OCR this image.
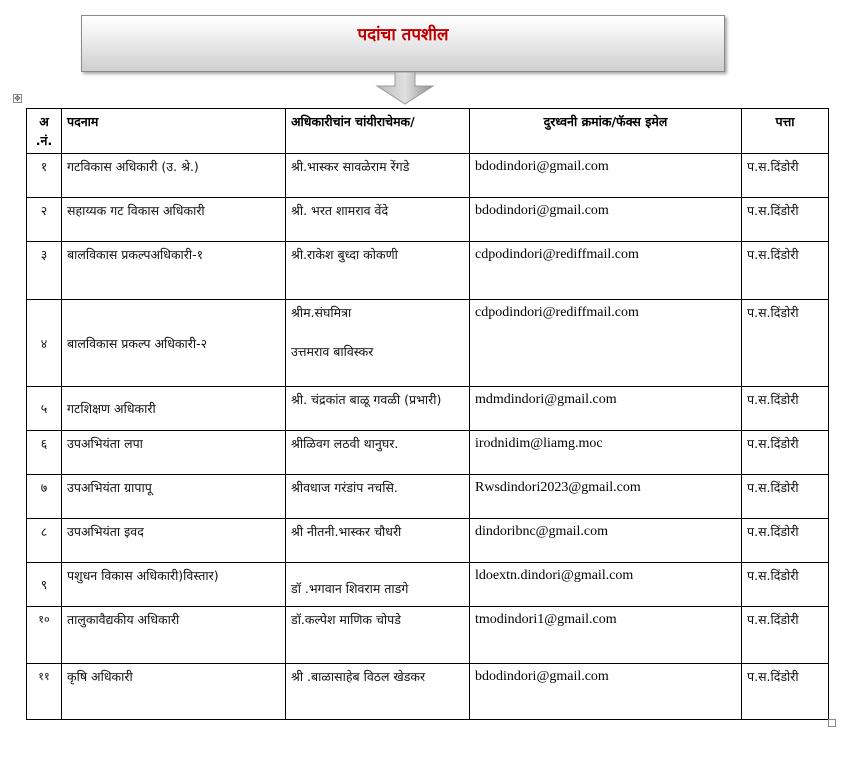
पदांचा तपशील
✥
अ .नं.	पदनाम	अधिकारीचांन चांयीराचेमक/	दुरध्वनी क्रमांक/फॅक्स इमेल	पत्ता
१	गटविकास अधिकारी (उ. श्रे.)	श्री.भास्कर सावळेराम रेंगडे	bdodindori@gmail.com	प.स.दिंडोरी
२	सहाय्यक गट विकास अधिकारी	श्री. भरत शामराव वेंदे	bdodindori@gmail.com	प.स.दिंडोरी
३	बालविकास प्रकल्पअधिकारी-१	श्री.राकेश बुध्दा कोकणी	cdpodindori@rediffmail.com	प.स.दिंडोरी
४	बालविकास प्रकल्प अधिकारी-२	श्रीम.संघमित्रा
उत्तमराव बाविस्कर	cdpodindori@rediffmail.com	प.स.दिंडोरी
५	गटशिक्षण अधिकारी	श्री. चंद्रकांत बाळू गवळी (प्रभारी)	mdmdindori@gmail.com	प.स.दिंडोरी
६	उपअभियंता लपा	श्रीळिवग लठवी थानुघर.	irodnidim@liamg.moc	प.स.दिंडोरी
७	उपअभियंता ग्रापापू	श्रीवधाज गरंडांप नचसि.	Rwsdindori2023@gmail.com	प.स.दिंडोरी
८	उपअभियंता इवद	श्री नीतनी.भास्कर चौधरी	dindoribnc@gmail.com	प.स.दिंडोरी
९	पशुधन विकास अधिकारी)विस्तार)	डॉ .भगवान शिवराम ताडगे	ldoextn.dindori@gmail.com	प.स.दिंडोरी
१०	तालुकावैद्यकीय अधिकारी	डॉ.कल्पेश माणिक चोपडे	tmodindori1@gmail.com	प.स.दिंडोरी
११	कृषि अधिकारी	श्री .बाळासाहेब विठल खेडकर	bdodindori@gmail.com	प.स.दिंडोरी
